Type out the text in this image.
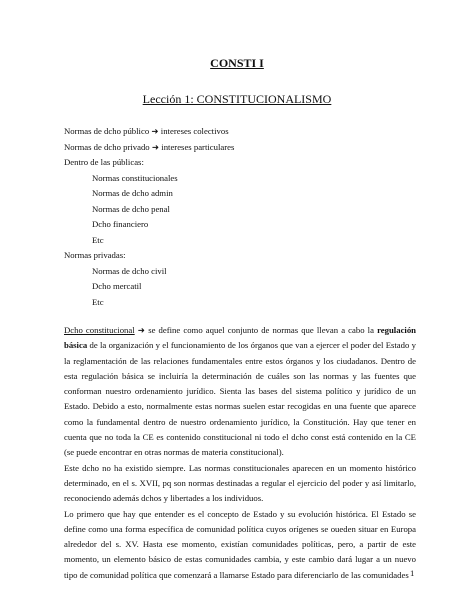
CONSTI I
Lección 1: CONSTITUCIONALISMO
Normas de dcho público ➜ intereses colectivos
Normas de dcho privado ➜ intereses particulares
Dentro de las públicas:
Normas constitucionales
Normas de dcho admin
Normas de dcho penal
Dcho financiero
Etc
Normas privadas:
Normas de dcho civil
Dcho mercatil
Etc

Dcho constitucional ➜ se define como aquel conjunto de normas que llevan a cabo la regulación básica de la organización y el funcionamiento de los órganos que van a ejercer el poder del Estado y la reglamentación de las relaciones fundamentales entre estos órganos y los ciudadanos. Dentro de esta regulación básica se incluiría la determinación de cuáles son las normas y las fuentes que conforman nuestro ordenamiento jurídico. Sienta las bases del sistema político y jurídico de un Estado. Debido a esto, normalmente estas normas suelen estar recogidas en una fuente que aparece como la fundamental dentro de nuestro ordenamiento jurídico, la Constitución. Hay que tener en cuenta que no toda la CE es contenido constitucional ni todo el dcho const está contenido en la CE (se puede encontrar en otras normas de materia constitucional).

Este dcho no ha existido siempre. Las normas constitucionales aparecen en un momento histórico determinado, en el s. XVII, pq son normas destinadas a regular el ejercicio del poder y así limitarlo, reconociendo además dchos y libertades a los individuos.

Lo primero que hay que entender es el concepto de Estado y su evolución histórica. El Estado se define como una forma específica de comunidad política cuyos orígenes se oueden situar en Europa alrededor del s. XV. Hasta ese momento, existían comunidades políticas, pero, a partir de este momento, un elemento básico de estas comunidades cambia, y este cambio dará lugar a un nuevo tipo de comunidad política que comenzará a llamarse Estado para diferenciarlo de las comunidades 1
